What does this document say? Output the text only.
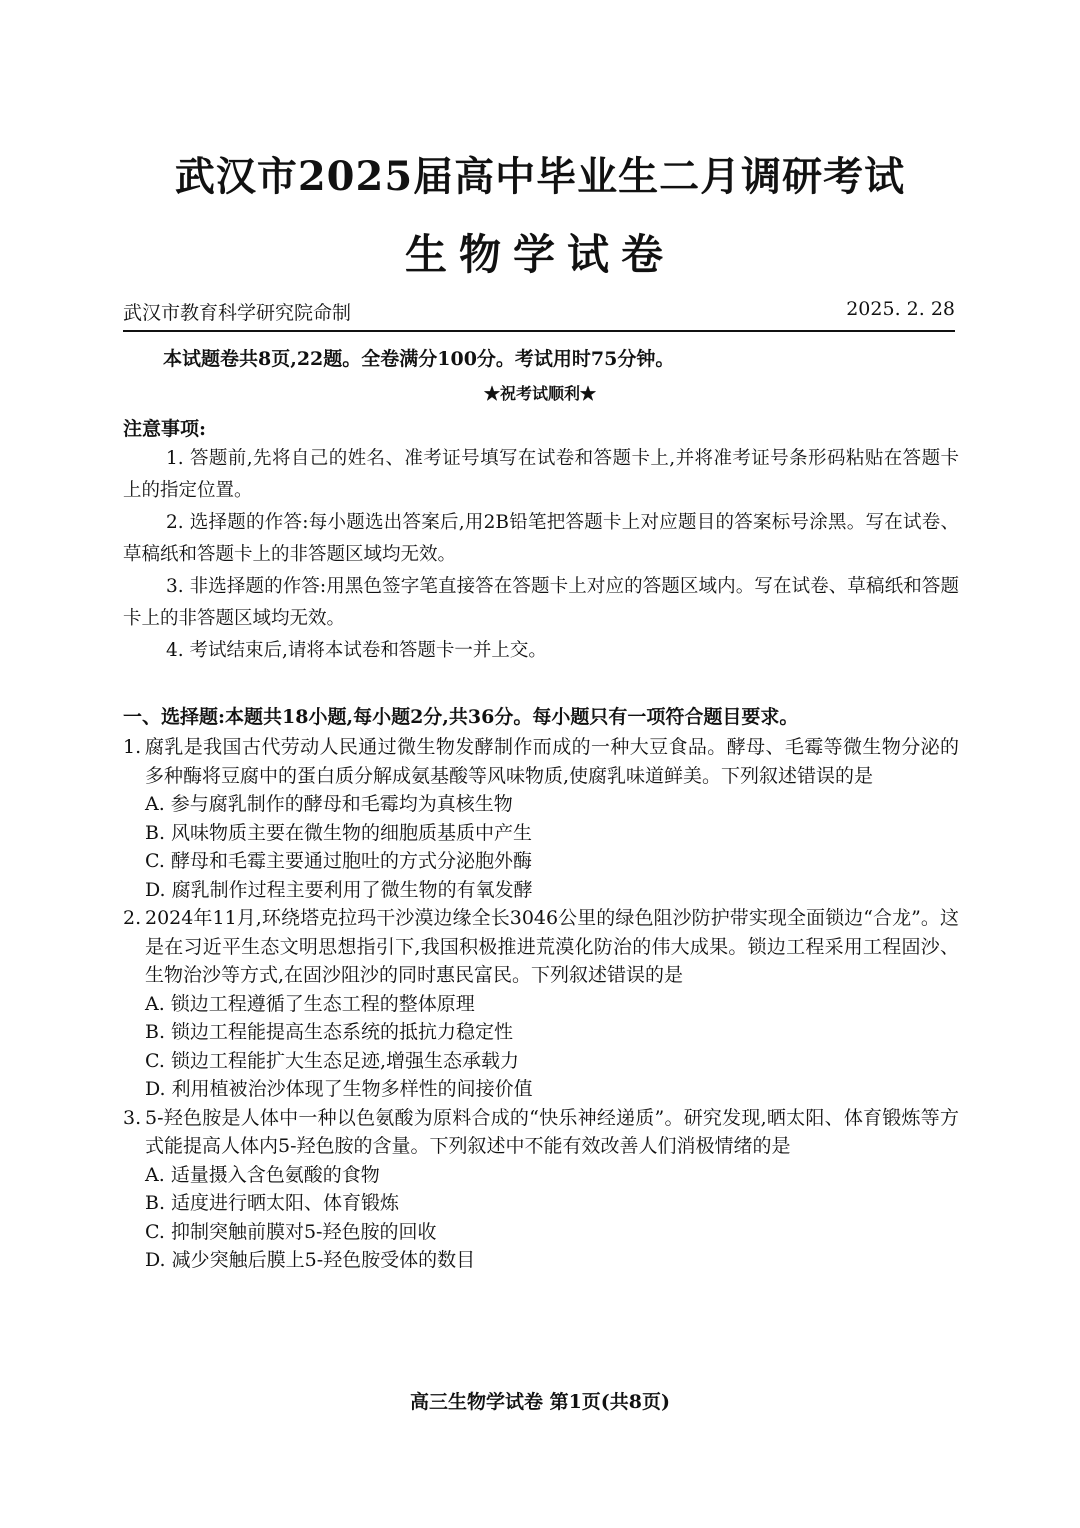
武汉市2025届高中毕业生二月调研考试
生物学试卷
武汉市教育科学研究院命制	2025. 2. 28
本试题卷共8页,22题。全卷满分100分。考试用时75分钟。
★祝考试顺利★
注意事项:

1. 答题前,先将自己的姓名、准考证号填写在试卷和答题卡上,并将准考证号条形码粘贴在答题卡上的指定位置。

2. 选择题的作答:每小题选出答案后,用2B铅笔把答题卡上对应题目的答案标号涂黑。写在试卷、草稿纸和答题卡上的非答题区域均无效。

3. 非选择题的作答:用黑色签字笔直接答在答题卡上对应的答题区域内。写在试卷、草稿纸和答题卡上的非答题区域均无效。

4. 考试结束后,请将本试卷和答题卡一并上交。

一、选择题:本题共18小题,每小题2分,共36分。每小题只有一项符合题目要求。

1. 腐乳是我国古代劳动人民通过微生物发酵制作而成的一种大豆食品。酵母、毛霉等微生物分泌的多种酶将豆腐中的蛋白质分解成氨基酸等风味物质,使腐乳味道鲜美。下列叙述错误的是

A. 参与腐乳制作的酵母和毛霉均为真核生物

B. 风味物质主要在微生物的细胞质基质中产生

C. 酵母和毛霉主要通过胞吐的方式分泌胞外酶

D. 腐乳制作过程主要利用了微生物的有氧发酵

2. 2024年11月,环绕塔克拉玛干沙漠边缘全长3046公里的绿色阻沙防护带实现全面锁边“合龙”。这是在习近平生态文明思想指引下,我国积极推进荒漠化防治的伟大成果。锁边工程采用工程固沙、生物治沙等方式,在固沙阻沙的同时惠民富民。下列叙述错误的是

A. 锁边工程遵循了生态工程的整体原理

B. 锁边工程能提高生态系统的抵抗力稳定性

C. 锁边工程能扩大生态足迹,增强生态承载力

D. 利用植被治沙体现了生物多样性的间接价值

3. 5-羟色胺是人体中一种以色氨酸为原料合成的“快乐神经递质”。研究发现,晒太阳、体育锻炼等方式能提高人体内5-羟色胺的含量。下列叙述中不能有效改善人们消极情绪的是

A. 适量摄入含色氨酸的食物

B. 适度进行晒太阳、体育锻炼

C. 抑制突触前膜对5-羟色胺的回收

D. 减少突触后膜上5-羟色胺受体的数目

高三生物学试卷 第1页(共8页)
